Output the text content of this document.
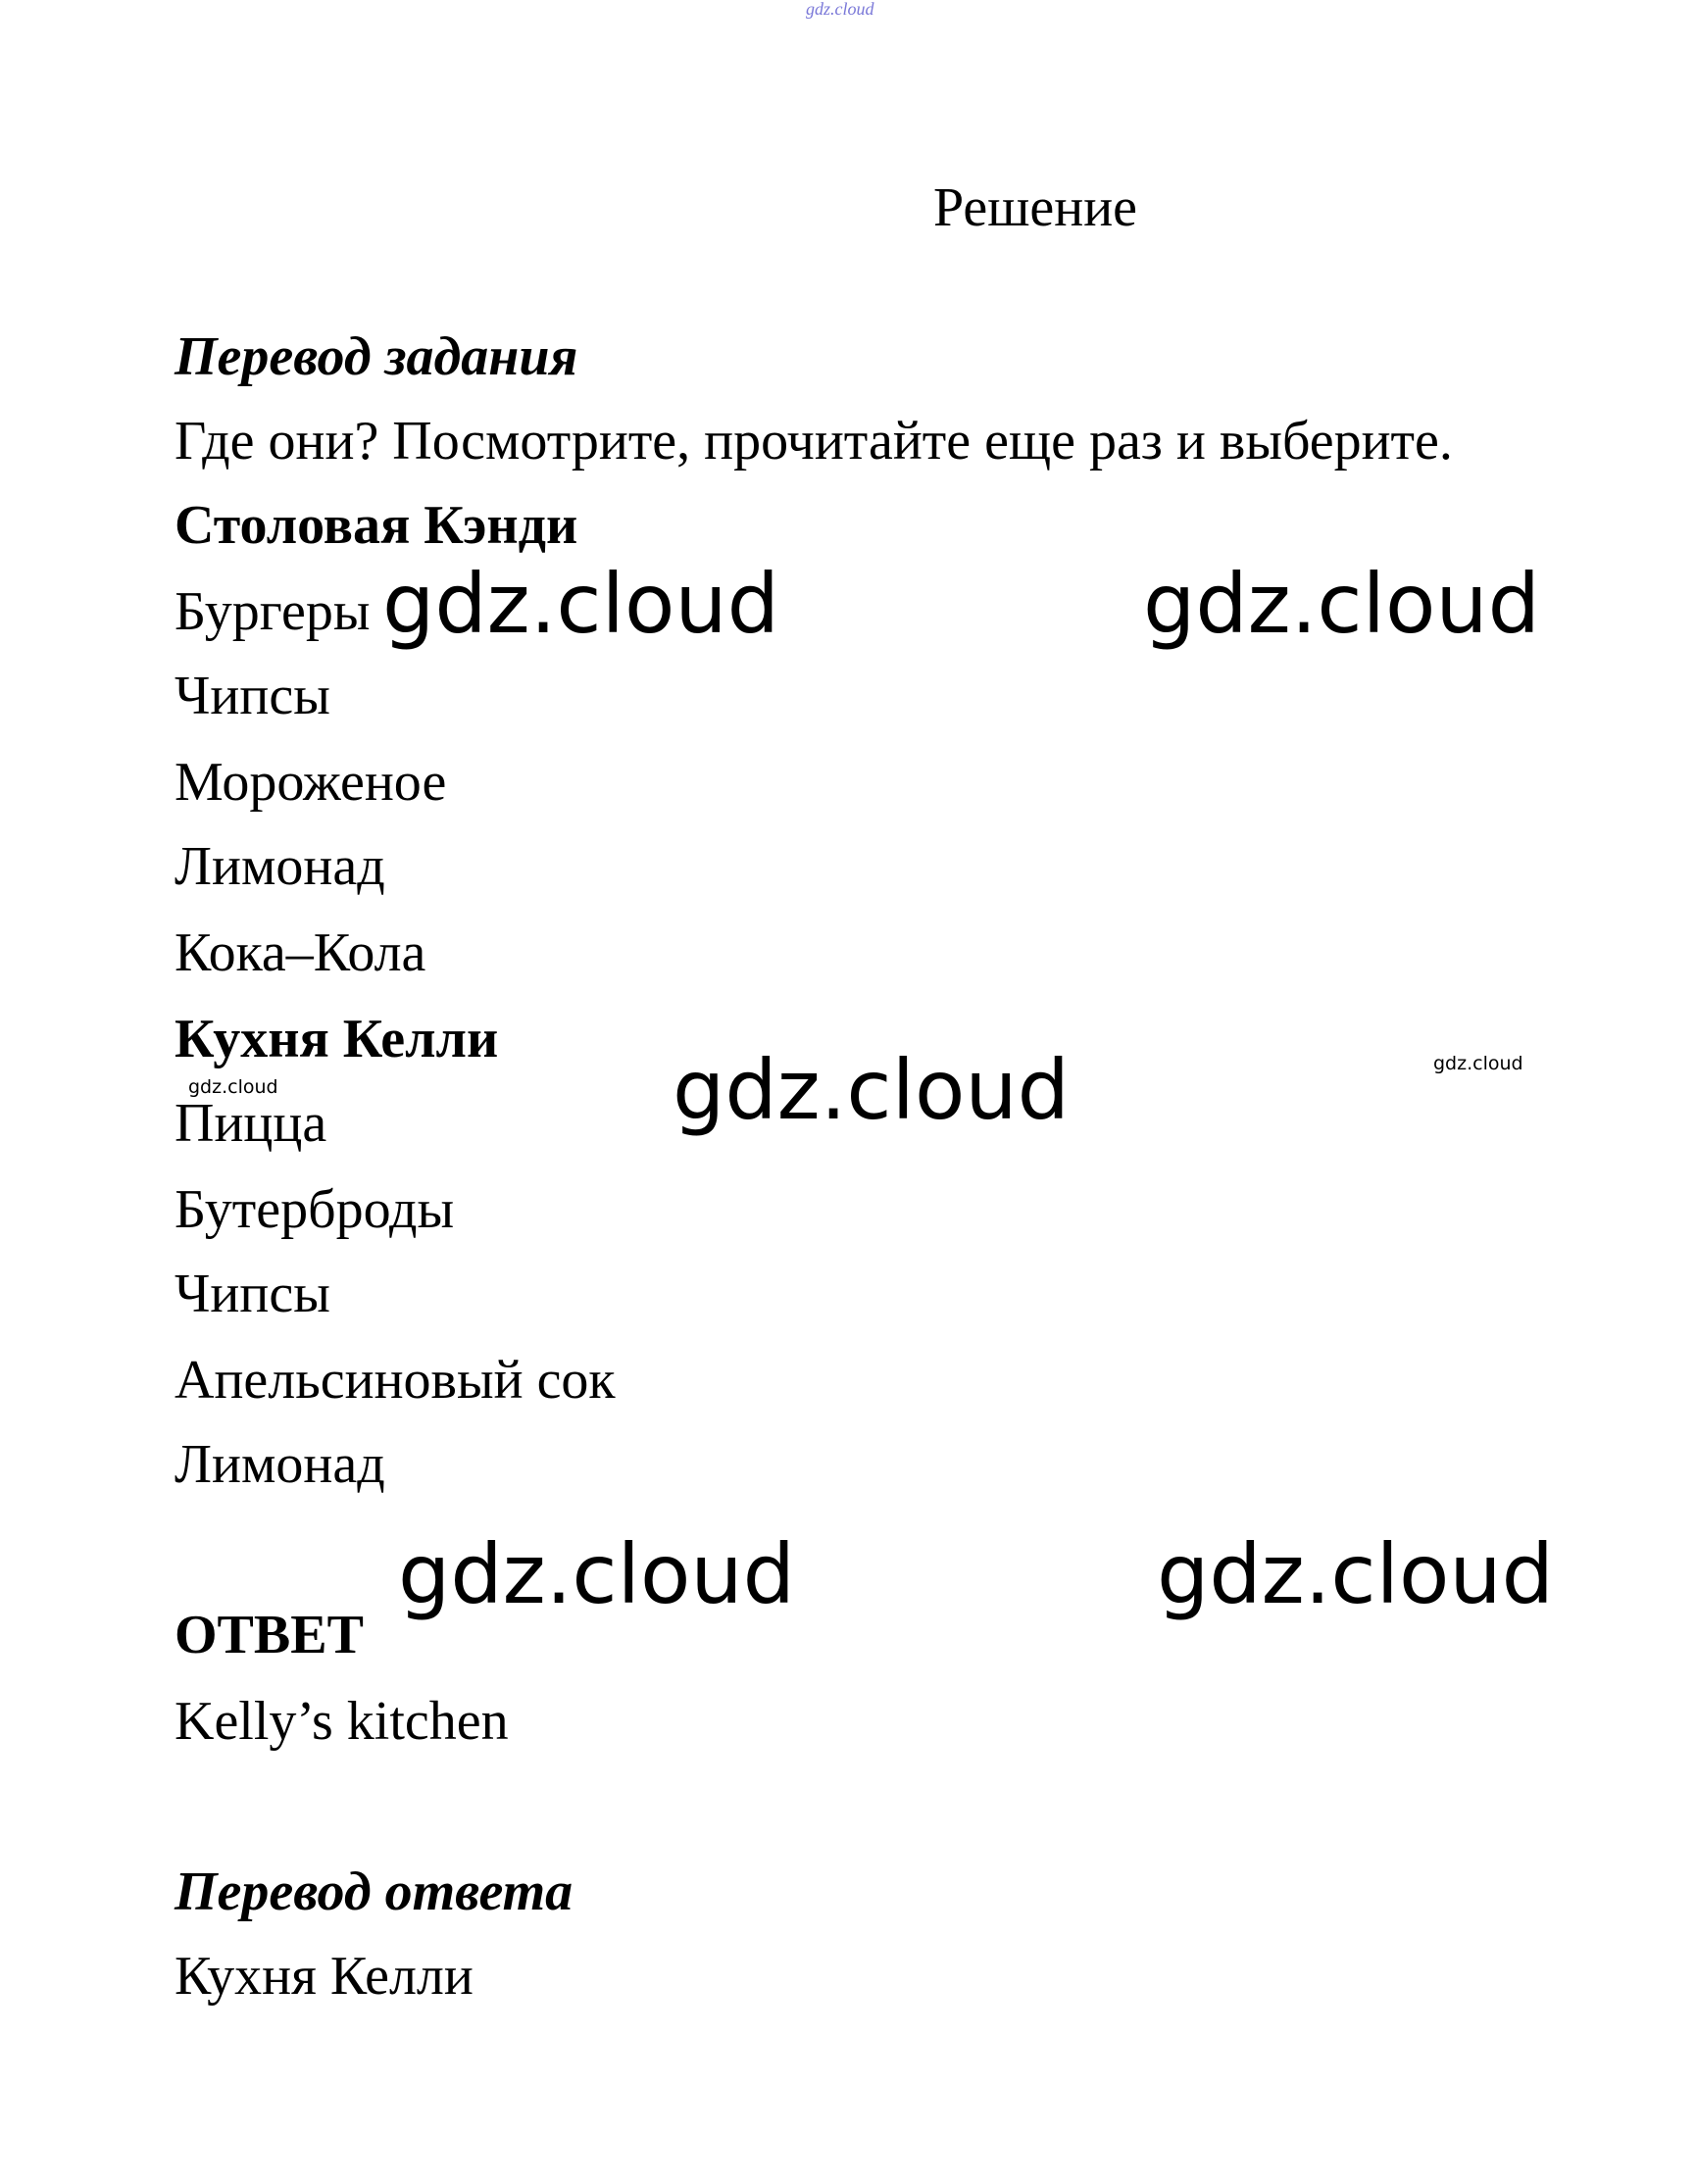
gdz.cloud
Решение
Перевод задания
Где они? Посмотрите, прочитайте еще раз и выберите.
Столовая Кэнди
Бургеры
Чипсы
Мороженое
Лимонад
Кока–Кола
Кухня Келли
Пицца
Бутерброды
Чипсы
Апельсиновый сок
Лимонад
ОТВЕТ
Kelly’s kitchen
Перевод ответа
Кухня Келли
gdz.cloud	gdz.cloud
gdz.cloud	gdz.cloud
gdz.cloud
gdz.cloud	gdz.cloud
